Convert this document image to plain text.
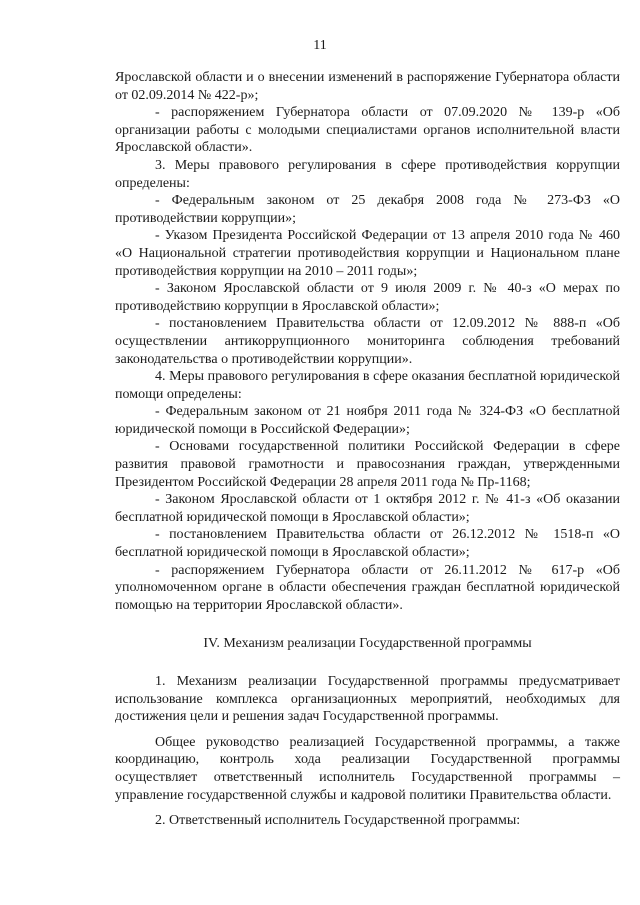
11

Ярославской области и о внесении изменений в распоряжение Губернатора области от 02.09.2014 № 422-р»;

- распоряжением Губернатора области от 07.09.2020 № 139-р «Об организации работы с молодыми специалистами органов исполнительной власти Ярославской области».

3. Меры правового регулирования в сфере противодействия коррупции определены:

- Федеральным законом от 25 декабря 2008 года № 273-ФЗ «О противодействии коррупции»;

- Указом Президента Российской Федерации от 13 апреля 2010 года № 460 «О Национальной стратегии противодействия коррупции и Национальном плане противодействия коррупции на 2010 – 2011 годы»;

- Законом Ярославской области от 9 июля 2009 г. № 40-з «О мерах по противодействию коррупции в Ярославской области»;

- постановлением Правительства области от 12.09.2012 № 888-п «Об осуществлении антикоррупционного мониторинга соблюдения требований законодательства о противодействии коррупции».

4. Меры правового регулирования в сфере оказания бесплатной юридической помощи определены:

- Федеральным законом от 21 ноября 2011 года № 324-ФЗ «О бесплатной юридической помощи в Российской Федерации»;

- Основами государственной политики Российской Федерации в сфере развития правовой грамотности и правосознания граждан, утвержденными Президентом Российской Федерации 28 апреля 2011 года № Пр-1168;

- Законом Ярославской области от 1 октября 2012 г. № 41-з «Об оказании бесплатной юридической помощи в Ярославской области»;

- постановлением Правительства области от 26.12.2012 № 1518-п «О бесплатной юридической помощи в Ярославской области»;

- распоряжением Губернатора области от 26.11.2012 № 617-р «Об уполномоченном органе в области обеспечения граждан бесплатной юридической помощью на территории Ярославской области».

IV. Механизм реализации Государственной программы

1. Механизм реализации Государственной программы предусматривает использование комплекса организационных мероприятий, необходимых для достижения цели и решения задач Государственной программы.

Общее руководство реализацией Государственной программы, а также координацию, контроль хода реализации Государственной программы осуществляет ответственный исполнитель Государственной программы – управление государственной службы и кадровой политики Правительства области.

2. Ответственный исполнитель Государственной программы:
